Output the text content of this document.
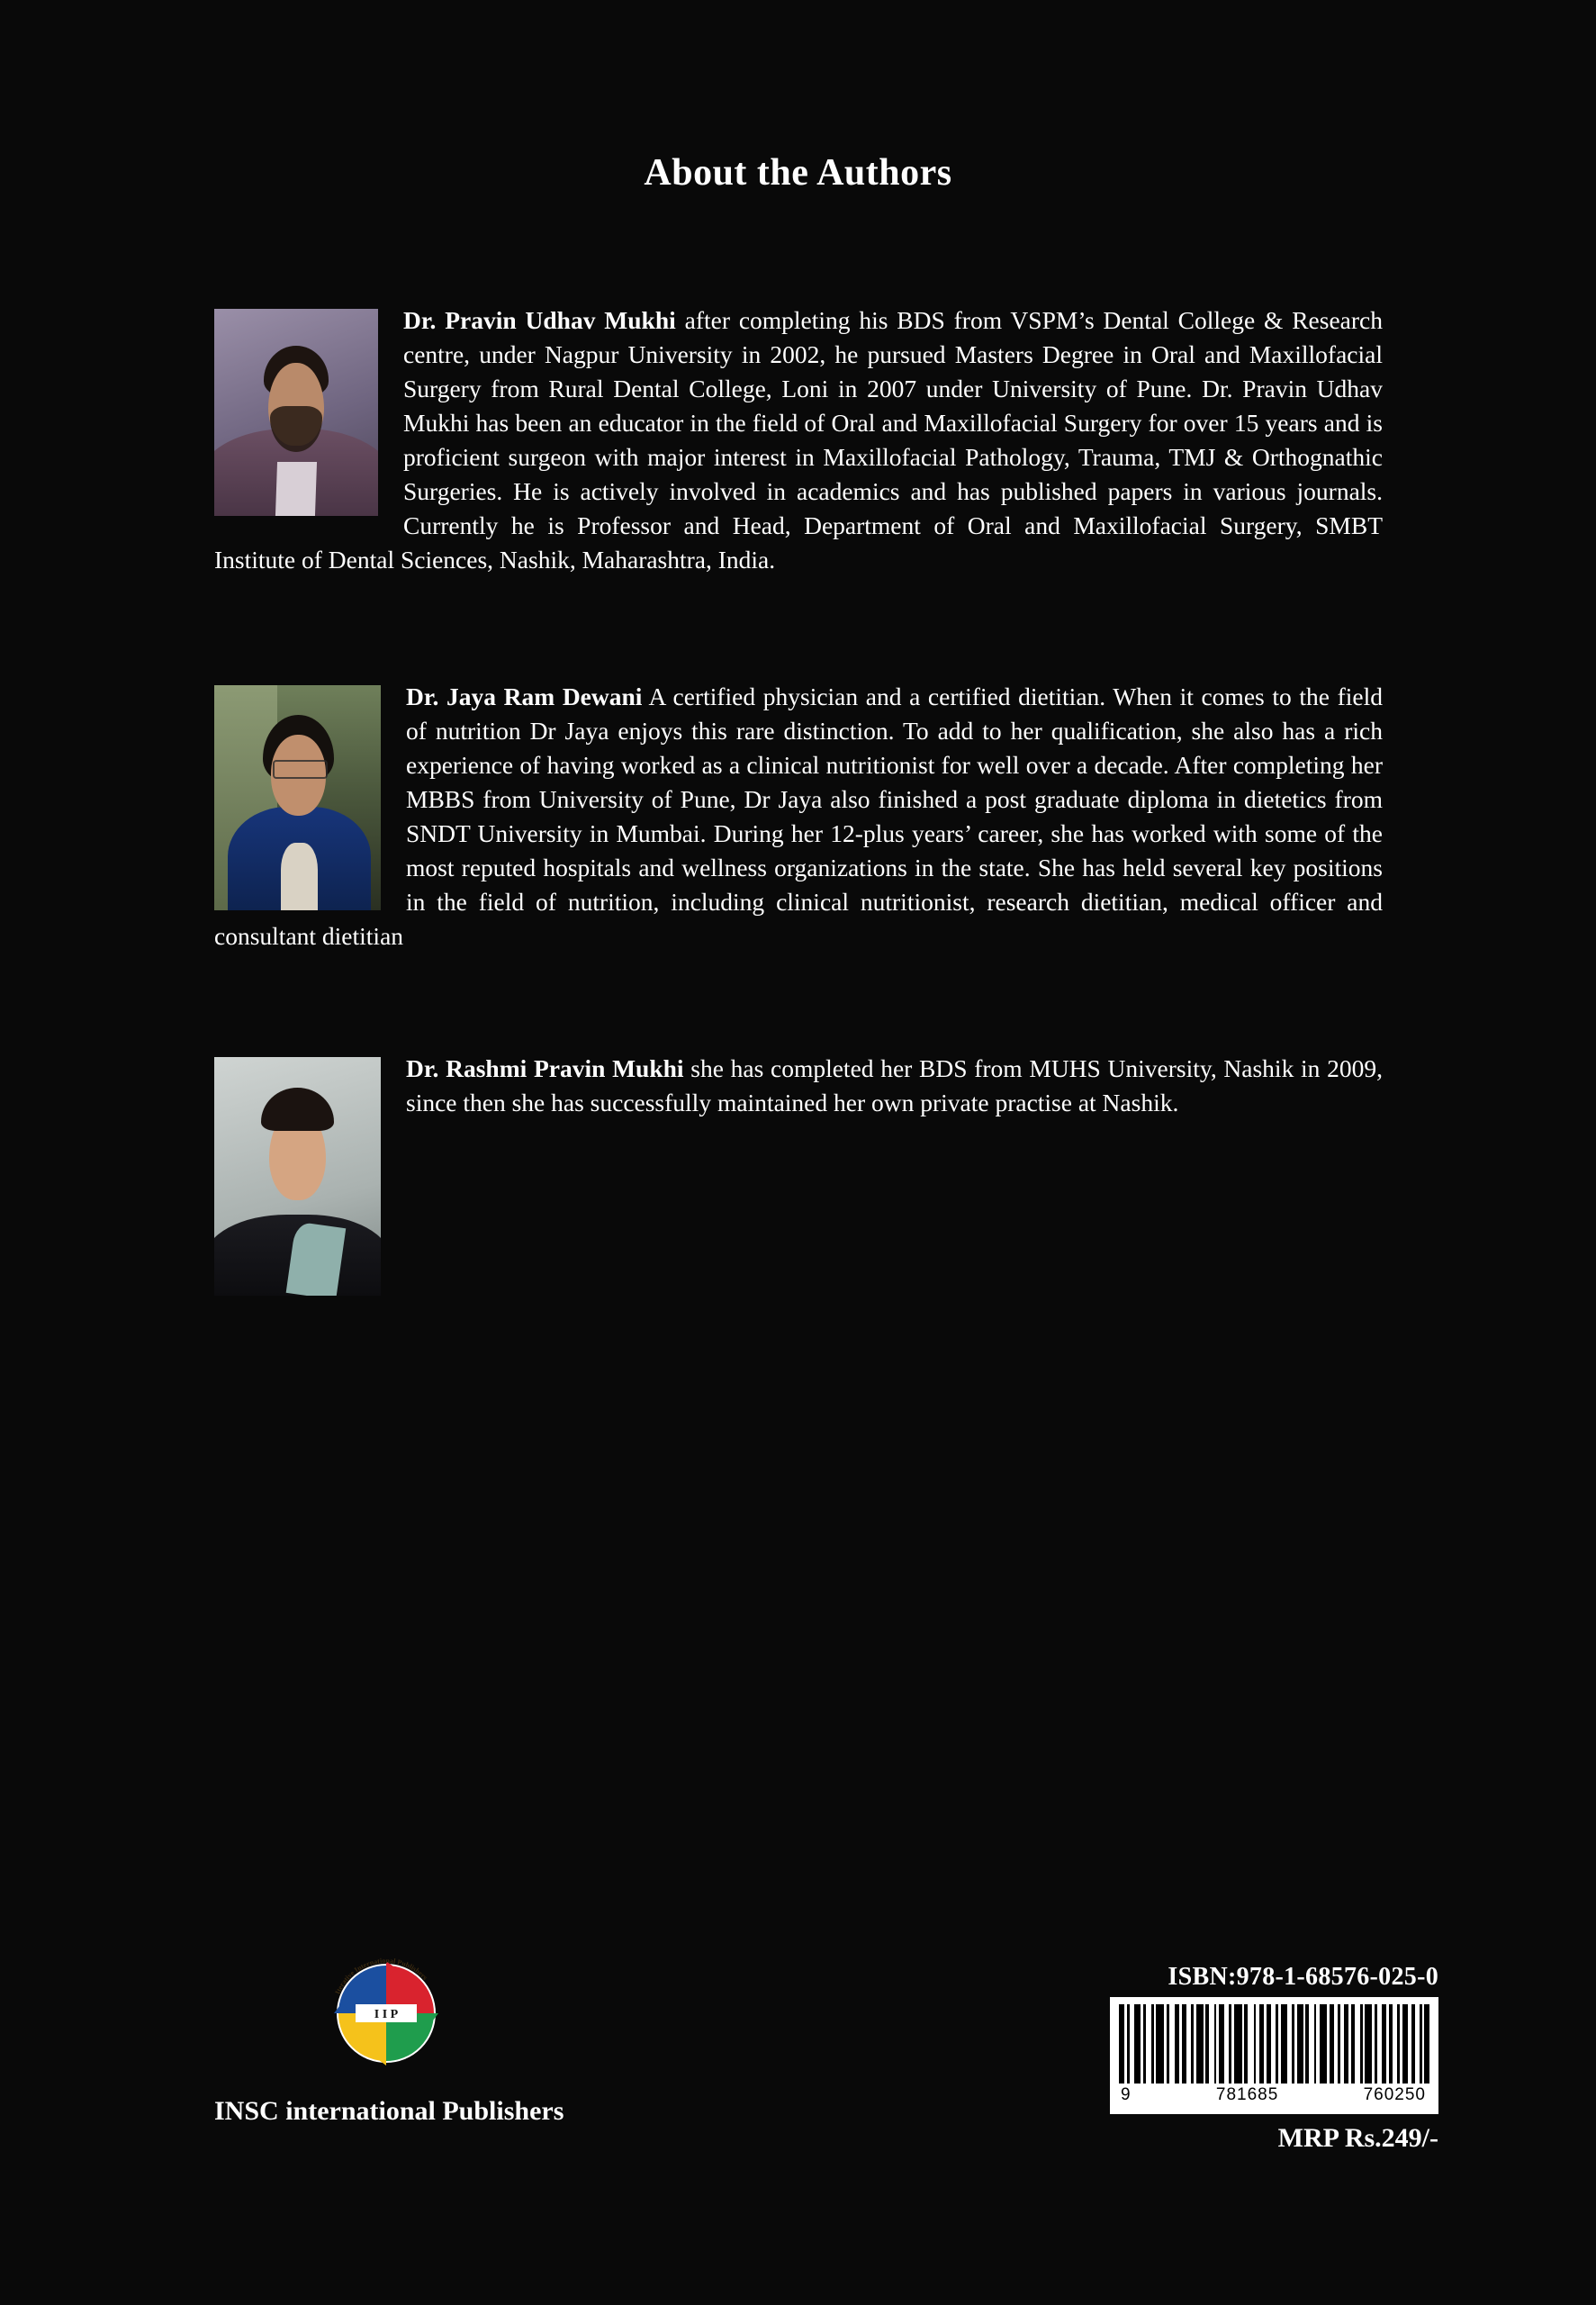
About the Authors
Dr. Pravin Udhav Mukhi after completing his BDS from VSPM’s Dental College & Research centre, under Nagpur University in 2002, he pursued Masters Degree in Oral and Maxillofacial Surgery from Rural Dental College, Loni in 2007 under University of Pune. Dr. Pravin Udhav Mukhi has been an educator in the field of Oral and Maxillofacial Surgery for over 15 years and is proficient surgeon with major interest in Maxillofacial Pathology, Trauma, TMJ & Orthognathic Surgeries. He is actively involved in academics and has published papers in various journals. Currently he is Professor and Head, Department of Oral and Maxillofacial Surgery, SMBT Institute of Dental Sciences, Nashik, Maharashtra, India.
Dr. Jaya Ram Dewani A certified physician and a certified dietitian. When it comes to the field of nutrition Dr Jaya enjoys this rare distinction. To add to her qualification, she also has a rich experience of having worked as a clinical nutritionist for well over a decade. After completing her MBBS from University of Pune, Dr Jaya also finished a post graduate diploma in dietetics from SNDT University in Mumbai. During her 12-plus years’ career, she has worked with some of the most reputed hospitals and wellness organizations in the state. She has held several key positions in the field of nutrition, including clinical nutritionist, research dietitian, medical officer and consultant dietitian
Dr. Rashmi Pravin Mukhi she has completed her BDS from MUHS University, Nashik in 2009, since then she has successfully maintained her own private practise at Nashik.
I I P
Iterative International Publishers
INSC international Publishers
ISBN:978-1-68576-025-0
9	781685	760250
MRP Rs.249/-
